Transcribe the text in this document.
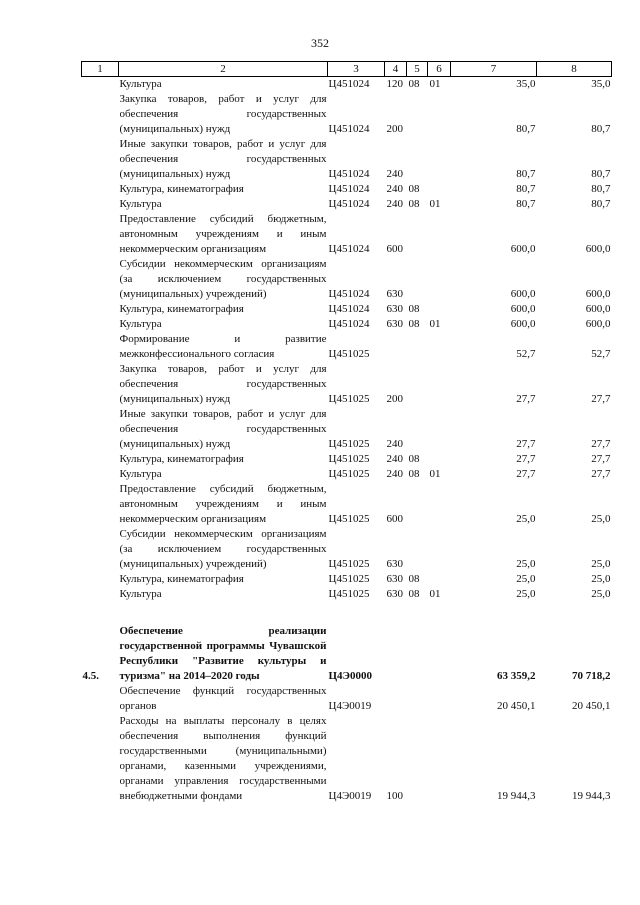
352
1	2	3	4	5	6	7	8
	Культура	Ц451024	120	08	01	35,0	35,0
	Закупка товаров, работ и услуг для обеспечения государственных (муниципальных) нужд	Ц451024	200			80,7	80,7
	Иные закупки товаров, работ и услуг для обеспечения государственных (муниципальных) нужд	Ц451024	240			80,7	80,7
	Культура, кинематография	Ц451024	240	08		80,7	80,7
	Культура	Ц451024	240	08	01	80,7	80,7
	Предоставление субсидий бюджетным, автономным учреждениям и иным некоммерческим организациям	Ц451024	600			600,0	600,0
	Субсидии некоммерческим организациям (за исключением государственных (муниципальных) учреждений)	Ц451024	630			600,0	600,0
	Культура, кинематография	Ц451024	630	08		600,0	600,0
	Культура	Ц451024	630	08	01	600,0	600,0
	Формирование и развитие межконфессионального согласия	Ц451025				52,7	52,7
	Закупка товаров, работ и услуг для обеспечения государственных (муниципальных) нужд	Ц451025	200			27,7	27,7
	Иные закупки товаров, работ и услуг для обеспечения государственных (муниципальных) нужд	Ц451025	240			27,7	27,7
	Культура, кинематография	Ц451025	240	08		27,7	27,7
	Культура	Ц451025	240	08	01	27,7	27,7
	Предоставление субсидий бюджетным, автономным учреждениям и иным некоммерческим организациям	Ц451025	600			25,0	25,0
	Субсидии некоммерческим организациям (за исключением государственных (муниципальных) учреждений)	Ц451025	630			25,0	25,0
	Культура, кинематография	Ц451025	630	08		25,0	25,0
	Культура	Ц451025	630	08	01	25,0	25,0

4.5.	Обеспечение реализации государственной программы Чувашской Республики "Развитие культуры и туризма" на 2014–2020 годы	Ц4Э0000				63 359,2	70 718,2
	Обеспечение функций государственных органов	Ц4Э0019				20 450,1	20 450,1
	Расходы на выплаты персоналу в целях обеспечения выполнения функций государственными (муниципальными) органами, казенными учреждениями, органами управления государственными внебюджетными фондами	Ц4Э0019	100			19 944,3	19 944,3
